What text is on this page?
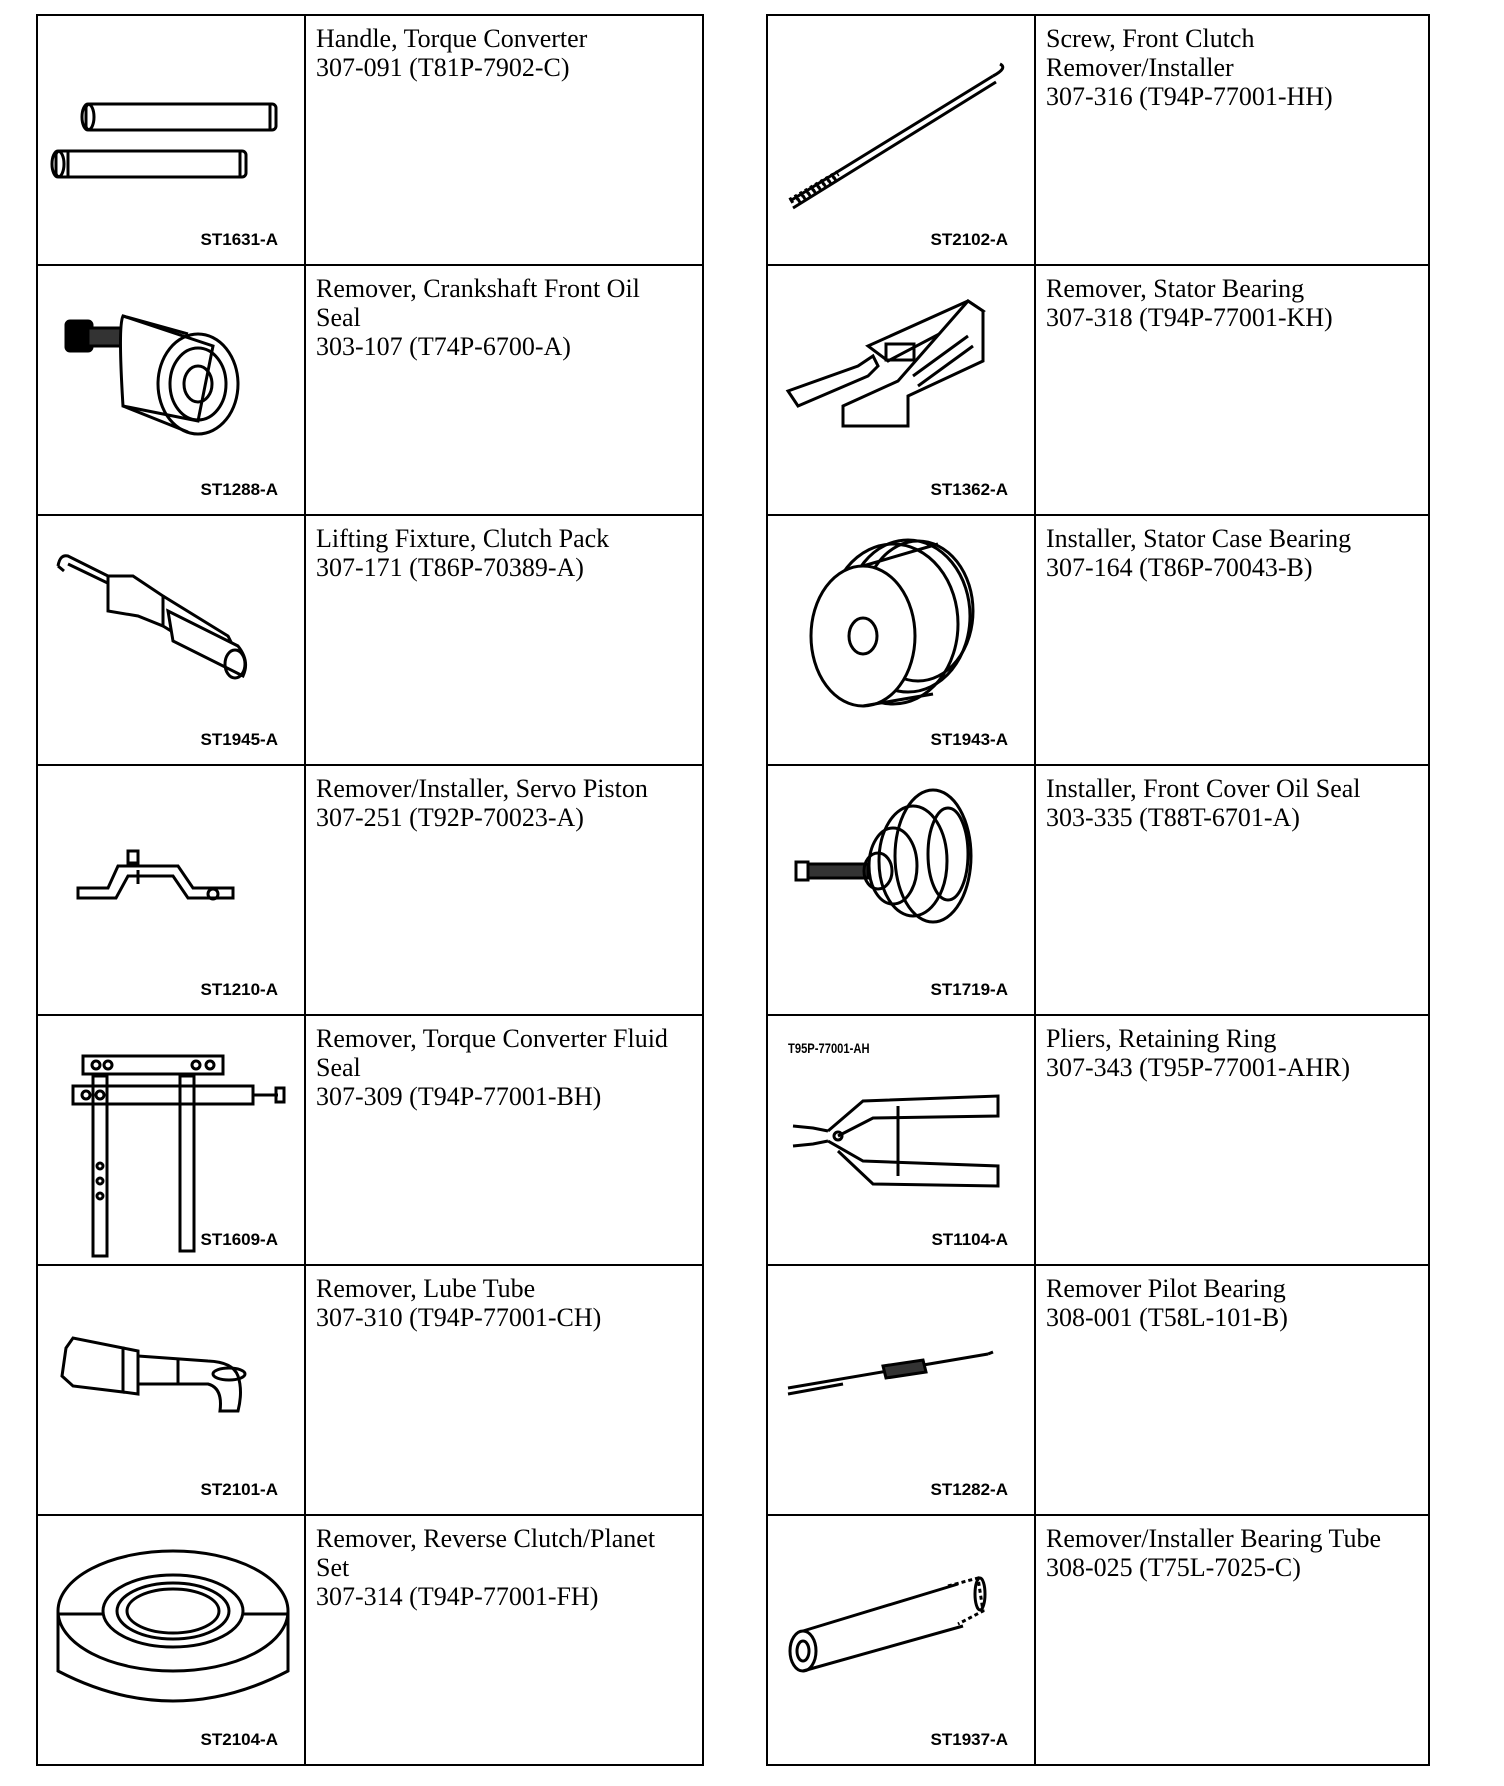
ST1631-A
Handle, Torque Converter
307-091 (T81P-7902-C)
ST1288-A
Remover, Crankshaft Front Oil
Seal
303-107 (T74P-6700-A)
ST1945-A
Lifting Fixture, Clutch Pack
307-171 (T86P-70389-A)
ST1210-A
Remover/Installer, Servo Piston
307-251 (T92P-70023-A)
ST1609-A
Remover, Torque Converter Fluid
Seal
307-309 (T94P-77001-BH)
ST2101-A
Remover, Lube Tube
307-310 (T94P-77001-CH)
ST2104-A
Remover, Reverse Clutch/Planet
Set
307-314 (T94P-77001-FH)
ST2102-A
Screw, Front Clutch
Remover/Installer
307-316 (T94P-77001-HH)
ST1362-A
Remover, Stator Bearing
307-318 (T94P-77001-KH)
ST1943-A
Installer, Stator Case Bearing
307-164 (T86P-70043-B)
ST1719-A
Installer, Front Cover Oil Seal
303-335 (T88T-6701-A)
T95P-77001-AH
ST1104-A
Pliers, Retaining Ring
307-343 (T95P-77001-AHR)
ST1282-A
Remover Pilot Bearing
308-001 (T58L-101-B)
ST1937-A
Remover/Installer Bearing Tube
308-025 (T75L-7025-C)
